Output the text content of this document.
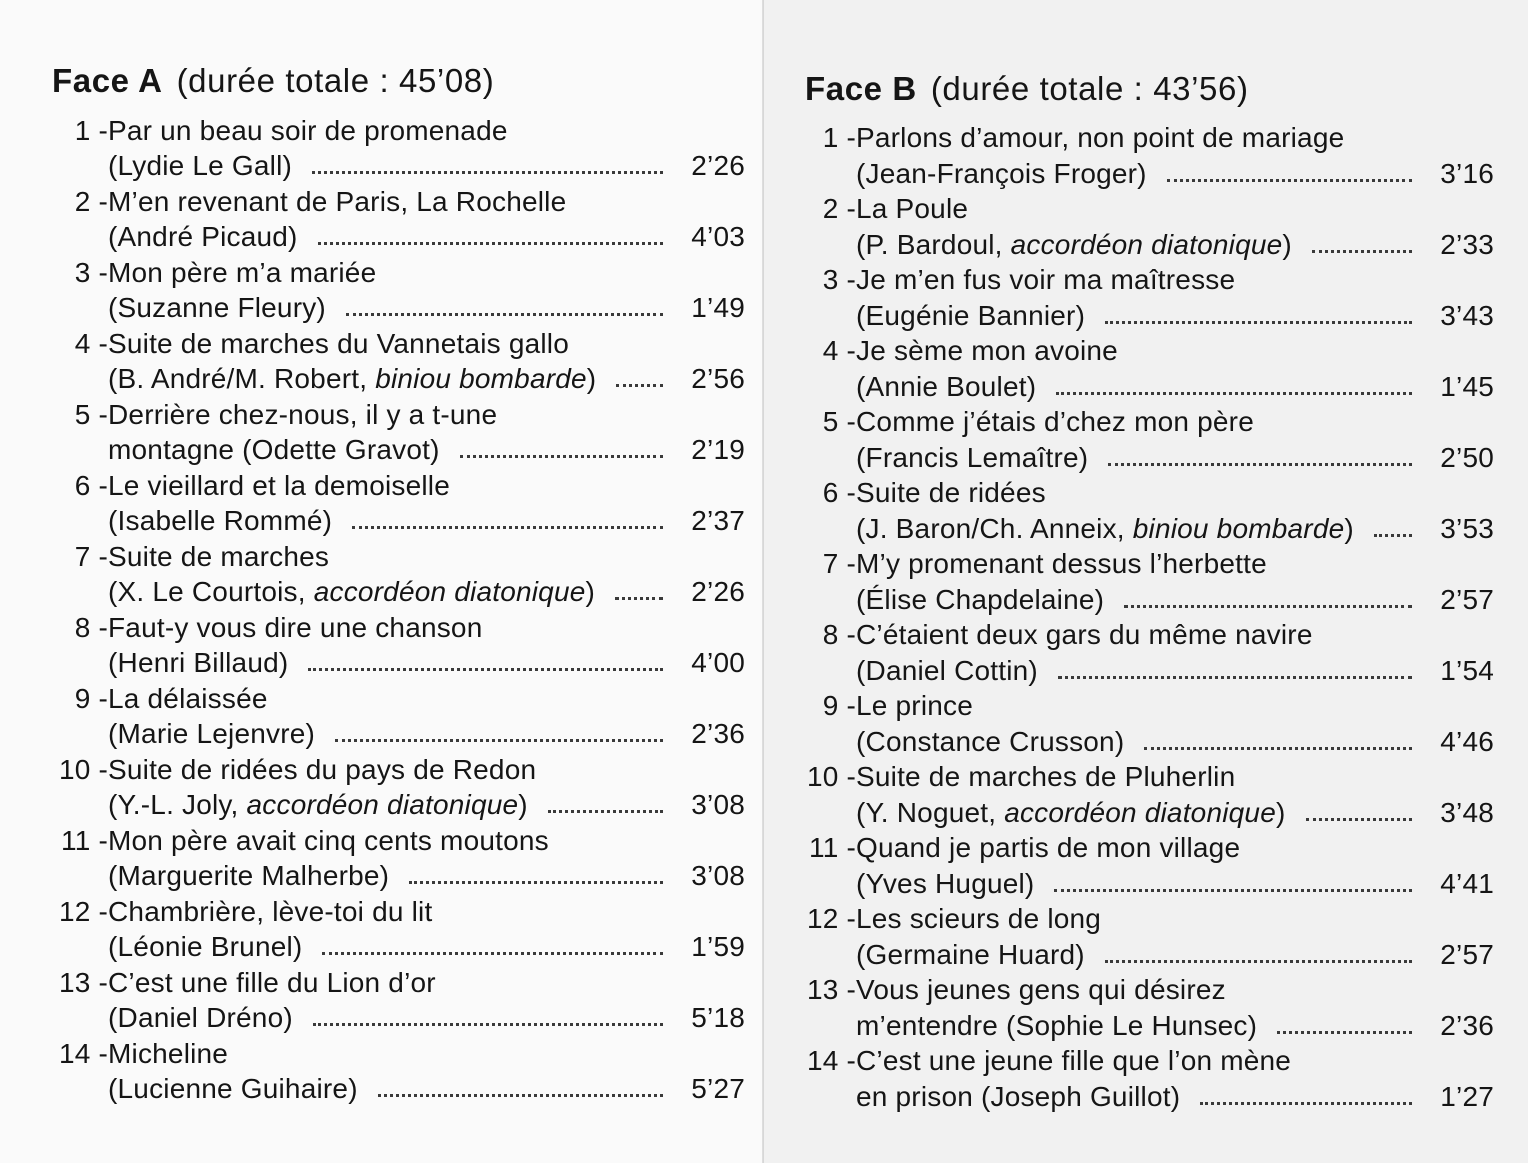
Face A (durée totale : 45’08)
1 - Par un beau soir de promenade
(Lydie Le Gall)	2’26
2 - M’en revenant de Paris, La Rochelle
(André Picaud)	4’03
3 - Mon père m’a mariée
(Suzanne Fleury)	1’49
4 - Suite de marches du Vannetais gallo
(B. André/M. Robert, biniou bombarde)	2’56
5 - Derrière chez-nous, il y a t-une
montagne (Odette Gravot)	2’19
6 - Le vieillard et la demoiselle
(Isabelle Rommé)	2’37
7 - Suite de marches
(X. Le Courtois, accordéon diatonique)	2’26
8 - Faut-y vous dire une chanson
(Henri Billaud)	4’00
9 - La délaissée
(Marie Lejenvre)	2’36
10 - Suite de ridées du pays de Redon
(Y.-L. Joly, accordéon diatonique)	3’08
11 - Mon père avait cinq cents moutons
(Marguerite Malherbe)	3’08
12 - Chambrière, lève-toi du lit
(Léonie Brunel)	1’59
13 - C’est une fille du Lion d’or
(Daniel Dréno)	5’18
14 - Micheline
(Lucienne Guihaire)	5’27
Face B (durée totale : 43’56)
1 - Parlons d’amour, non point de mariage
(Jean-François Froger)	3’16
2 - La Poule
(P. Bardoul, accordéon diatonique)	2’33
3 - Je m’en fus voir ma maîtresse
(Eugénie Bannier)	3’43
4 - Je sème mon avoine
(Annie Boulet)	1’45
5 - Comme j’étais d’chez mon père
(Francis Lemaître)	2’50
6 - Suite de ridées
(J. Baron/Ch. Anneix, biniou bombarde)	3’53
7 - M’y promenant dessus l’herbette
(Élise Chapdelaine)	2’57
8 - C’étaient deux gars du même navire
(Daniel Cottin)	1’54
9 - Le prince
(Constance Crusson)	4’46
10 - Suite de marches de Pluherlin
(Y. Noguet, accordéon diatonique)	3’48
11 - Quand je partis de mon village
(Yves Huguel)	4’41
12 - Les scieurs de long
(Germaine Huard)	2’57
13 - Vous jeunes gens qui désirez
m’entendre (Sophie Le Hunsec)	2’36
14 - C’est une jeune fille que l’on mène
en prison (Joseph Guillot)	1’27
